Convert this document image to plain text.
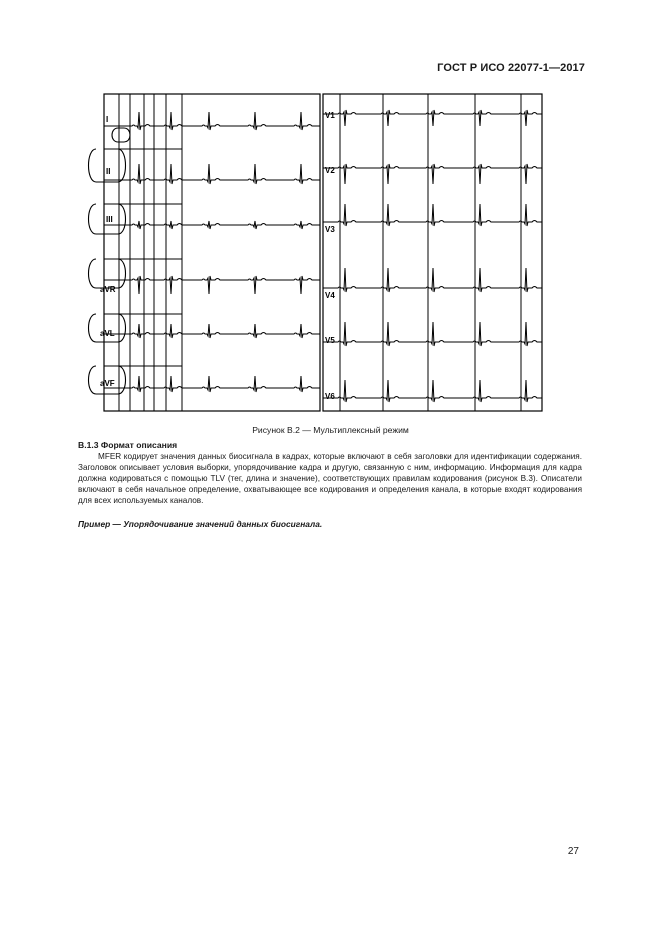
ГОСТ Р ИСО 22077-1—2017
I
II
III
aVR
aVL
aVF
V1
V2
V3
V4
V5
V6
Рисунок В.2 — Мультиплексный режим
В.1.3 Формат описания

MFER кодирует значения данных биосигнала в кадрах, которые включают в себя заголовки для идентификации содержания. Заголовок описывает условия выборки, упорядочивание кадра и другую, связанную с ним, информацию. Информация для кадра должна кодироваться с помощью TLV (тег, длина и значение), соответствующих правилам кодирования (рисунок В.3). Описатели включают в себя начальное определение, охватывающее все кодирования и определения канала, в которые входят кодирования для всех используемых каналов.

Пример — Упорядочивание значений данных биосигнала.
27
